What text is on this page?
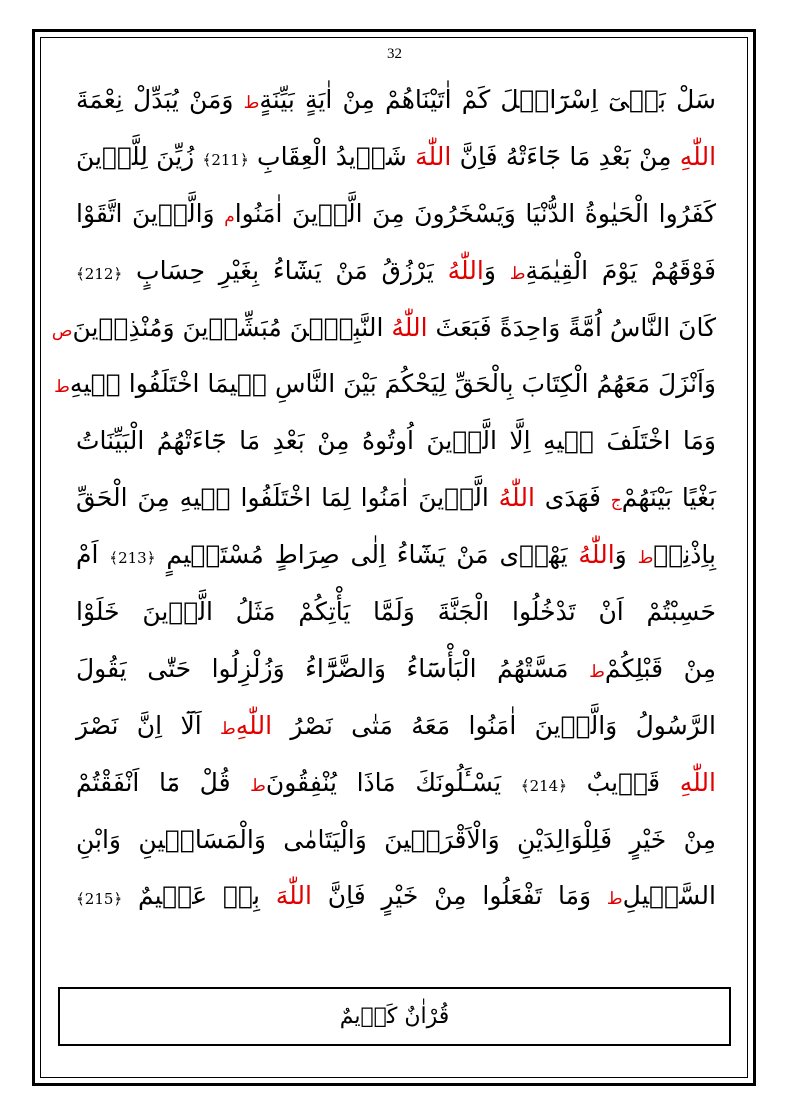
32
سَلْ بَنٖىٓ اِسْرَٓائٖلَ كَمْ اٰتَيْنَاهُمْ مِنْ اٰيَةٍ بَيِّنَةٍط وَمَنْ يُبَدِّلْ نِعْمَةَ
اللّٰهِ مِنْ بَعْدِ مَا جَٓاءَتْهُ فَاِنَّ اللّٰهَ شَدٖيدُ الْعِقَابِ ﴿211﴾ زُيِّنَ لِلَّذٖينَ
كَفَرُوا الْحَيٰوةُ الدُّنْيَا وَيَسْخَرُونَ مِنَ الَّذٖينَ اٰمَنُوام وَالَّذٖينَ اتَّقَوْا
فَوْقَهُمْ يَوْمَ الْقِيٰمَةِط وَاللّٰهُ يَرْزُقُ مَنْ يَشَٓاءُ بِغَيْرِ حِسَابٍ ﴿212﴾
كَانَ النَّاسُ اُمَّةً وَاحِدَةً فَبَعَثَ اللّٰهُ النَّبِيّٖنَ مُبَشِّرٖينَ وَمُنْذِرٖينَص
وَاَنْزَلَ مَعَهُمُ الْكِتَابَ بِالْحَقِّ لِيَحْكُمَ بَيْنَ النَّاسِ فٖيمَا اخْتَلَفُوا فٖيهِط
وَمَا اخْتَلَفَ فٖيهِ اِلَّا الَّذٖينَ اُوتُوهُ مِنْ بَعْدِ مَا جَٓاءَتْهُمُ الْبَيِّنَاتُ
بَغْيًا بَيْنَهُمْج فَهَدَى اللّٰهُ الَّذٖينَ اٰمَنُوا لِمَا اخْتَلَفُوا فٖيهِ مِنَ الْحَقِّ
بِاِذْنِهٖط وَاللّٰهُ يَهْدٖى مَنْ يَشَٓاءُ اِلٰى صِرَاطٍ مُسْتَقٖيمٍ ﴿213﴾ اَمْ
حَسِبْتُمْ اَنْ تَدْخُلُوا الْجَنَّةَ وَلَمَّا يَأْتِكُمْ مَثَلُ الَّذٖينَ خَلَوْا
مِنْ قَبْلِكُمْط مَسَّتْهُمُ الْبَأْسَٓاءُ وَالضَّرَّٓاءُ وَزُلْزِلُوا حَتّٰى يَقُولَ
الرَّسُولُ وَالَّذٖينَ اٰمَنُوا مَعَهُ مَتٰى نَصْرُ اللّٰهِط اَلَٓا اِنَّ نَصْرَ
اللّٰهِ قَرٖيبٌ ﴿214﴾ يَسْـَٔلُونَكَ مَاذَا يُنْفِقُونَط قُلْ مَٓا اَنْفَقْتُمْ
مِنْ خَيْرٍ فَلِلْوَالِدَيْنِ وَالْاَقْرَبٖينَ وَالْيَتَامٰى وَالْمَسَاكٖينِ وَابْنِ
السَّبٖيلِط وَمَا تَفْعَلُوا مِنْ خَيْرٍ فَاِنَّ اللّٰهَ بِهٖ عَلٖيمٌ ﴿215﴾
قُرْاٰنٌ كَرٖيمٌ
